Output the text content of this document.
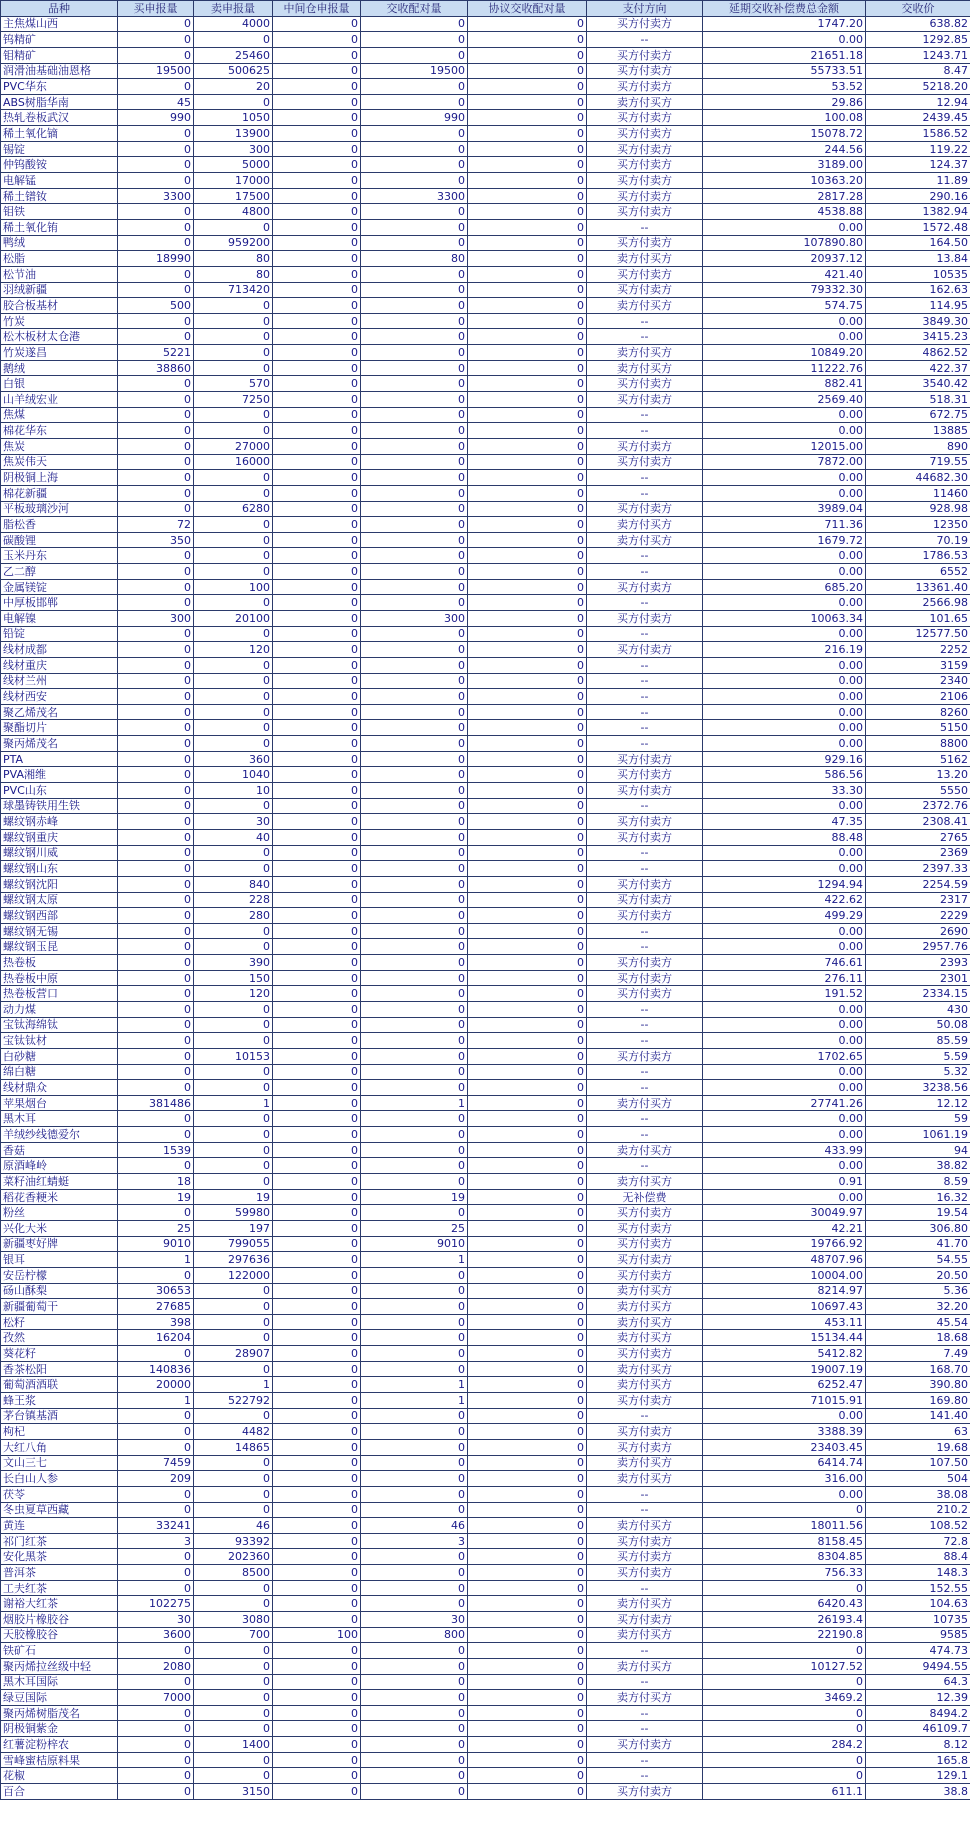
品种	买申报量	卖申报量	中间仓申报量	交收配对量	协议交收配对量	支付方向	延期交收补偿费总金额	交收价
主焦煤山西	0	4000	0	0	0	买方付卖方	1747.20	638.82
钨精矿	0	0	0	0	0	--	0.00	1292.85
钼精矿	0	25460	0	0	0	买方付卖方	21651.18	1243.71
润滑油基础油恩格	19500	500625	0	19500	0	买方付卖方	55733.51	8.47
PVC华东	0	20	0	0	0	买方付卖方	53.52	5218.20
ABS树脂华南	45	0	0	0	0	卖方付买方	29.86	12.94
热轧卷板武汉	990	1050	0	990	0	买方付卖方	100.08	2439.45
稀土氧化镝	0	13900	0	0	0	买方付卖方	15078.72	1586.52
锡锭	0	300	0	0	0	买方付卖方	244.56	119.22
仲钨酸铵	0	5000	0	0	0	买方付卖方	3189.00	124.37
电解锰	0	17000	0	0	0	买方付卖方	10363.20	11.89
稀土镨钕	3300	17500	0	3300	0	买方付卖方	2817.28	290.16
钼铁	0	4800	0	0	0	买方付卖方	4538.88	1382.94
稀土氧化铕	0	0	0	0	0	--	0.00	1572.48
鸭绒	0	959200	0	0	0	买方付卖方	107890.80	164.50
松脂	18990	80	0	80	0	卖方付买方	20937.12	13.84
松节油	0	80	0	0	0	买方付卖方	421.40	10535
羽绒新疆	0	713420	0	0	0	买方付卖方	79332.30	162.63
胶合板基材	500	0	0	0	0	卖方付买方	574.75	114.95
竹炭	0	0	0	0	0	--	0.00	3849.30
松木板材太仓港	0	0	0	0	0	--	0.00	3415.23
竹炭遂昌	5221	0	0	0	0	卖方付买方	10849.20	4862.52
鹅绒	38860	0	0	0	0	卖方付买方	11222.76	422.37
白银	0	570	0	0	0	买方付卖方	882.41	3540.42
山羊绒宏业	0	7250	0	0	0	买方付卖方	2569.40	518.31
焦煤	0	0	0	0	0	--	0.00	672.75
棉花华东	0	0	0	0	0	--	0.00	13885
焦炭	0	27000	0	0	0	买方付卖方	12015.00	890
焦炭伟天	0	16000	0	0	0	买方付卖方	7872.00	719.55
阴极铜上海	0	0	0	0	0	--	0.00	44682.30
棉花新疆	0	0	0	0	0	--	0.00	11460
平板玻璃沙河	0	6280	0	0	0	买方付卖方	3989.04	928.98
脂松香	72	0	0	0	0	卖方付买方	711.36	12350
碳酸锂	350	0	0	0	0	卖方付买方	1679.72	70.19
玉米丹东	0	0	0	0	0	--	0.00	1786.53
乙二醇	0	0	0	0	0	--	0.00	6552
金属镁锭	0	100	0	0	0	买方付卖方	685.20	13361.40
中厚板邯郸	0	0	0	0	0	--	0.00	2566.98
电解镍	300	20100	0	300	0	买方付卖方	10063.34	101.65
铅锭	0	0	0	0	0	--	0.00	12577.50
线材成都	0	120	0	0	0	买方付卖方	216.19	2252
线材重庆	0	0	0	0	0	--	0.00	3159
线材兰州	0	0	0	0	0	--	0.00	2340
线材西安	0	0	0	0	0	--	0.00	2106
聚乙烯茂名	0	0	0	0	0	--	0.00	8260
聚酯切片	0	0	0	0	0	--	0.00	5150
聚丙烯茂名	0	0	0	0	0	--	0.00	8800
PTA	0	360	0	0	0	买方付卖方	929.16	5162
PVA湘维	0	1040	0	0	0	买方付卖方	586.56	13.20
PVC山东	0	10	0	0	0	买方付卖方	33.30	5550
球墨铸铁用生铁	0	0	0	0	0	--	0.00	2372.76
螺纹钢赤峰	0	30	0	0	0	买方付卖方	47.35	2308.41
螺纹钢重庆	0	40	0	0	0	买方付卖方	88.48	2765
螺纹钢川威	0	0	0	0	0	--	0.00	2369
螺纹钢山东	0	0	0	0	0	--	0.00	2397.33
螺纹钢沈阳	0	840	0	0	0	买方付卖方	1294.94	2254.59
螺纹钢太原	0	228	0	0	0	买方付卖方	422.62	2317
螺纹钢西部	0	280	0	0	0	买方付卖方	499.29	2229
螺纹钢无锡	0	0	0	0	0	--	0.00	2690
螺纹钢玉昆	0	0	0	0	0	--	0.00	2957.76
热卷板	0	390	0	0	0	买方付卖方	746.61	2393
热卷板中原	0	150	0	0	0	买方付卖方	276.11	2301
热卷板营口	0	120	0	0	0	买方付卖方	191.52	2334.15
动力煤	0	0	0	0	0	--	0.00	430
宝钛海绵钛	0	0	0	0	0	--	0.00	50.08
宝钛钛材	0	0	0	0	0	--	0.00	85.59
白砂糖	0	10153	0	0	0	买方付卖方	1702.65	5.59
绵白糖	0	0	0	0	0	--	0.00	5.32
线材鼎众	0	0	0	0	0	--	0.00	3238.56
苹果烟台	381486	1	0	1	0	卖方付买方	27741.26	12.12
黑木耳	0	0	0	0	0	--	0.00	59
羊绒纱线德爱尔	0	0	0	0	0	--	0.00	1061.19
香菇	1539	0	0	0	0	卖方付买方	433.99	94
原酒峰岭	0	0	0	0	0	--	0.00	38.82
菜籽油红蜻蜓	18	0	0	0	0	卖方付买方	0.91	8.59
稻花香粳米	19	19	0	19	0	无补偿费	0.00	16.32
粉丝	0	59980	0	0	0	买方付卖方	30049.97	19.54
兴化大米	25	197	0	25	0	买方付卖方	42.21	306.80
新疆枣好牌	9010	799055	0	9010	0	买方付卖方	19766.92	41.70
银耳	1	297636	0	1	0	买方付卖方	48707.96	54.55
安岳柠檬	0	122000	0	0	0	买方付卖方	10004.00	20.50
砀山酥梨	30653	0	0	0	0	卖方付买方	8214.97	5.36
新疆葡萄干	27685	0	0	0	0	卖方付买方	10697.43	32.20
松籽	398	0	0	0	0	卖方付买方	453.11	45.54
孜然	16204	0	0	0	0	卖方付买方	15134.44	18.68
葵花籽	0	28907	0	0	0	买方付卖方	5412.82	7.49
香茶松阳	140836	0	0	0	0	卖方付买方	19007.19	168.70
葡萄酒酒联	20000	1	0	1	0	卖方付买方	6252.47	390.80
蜂王浆	1	522792	0	1	0	买方付卖方	71015.91	169.80
茅台镇基酒	0	0	0	0	0	--	0.00	141.40
枸杞	0	4482	0	0	0	买方付卖方	3388.39	63
大红八角	0	14865	0	0	0	买方付卖方	23403.45	19.68
文山三七	7459	0	0	0	0	卖方付买方	6414.74	107.50
长白山人参	209	0	0	0	0	卖方付买方	316.00	504
茯苓	0	0	0	0	0	--	0.00	38.08
冬虫夏草西藏	0	0	0	0	0	--	0	210.2
黄连	33241	46	0	46	0	卖方付买方	18011.56	108.52
祁门红茶	3	93392	0	3	0	买方付卖方	8158.45	72.8
安化黑茶	0	202360	0	0	0	买方付卖方	8304.85	88.4
普洱茶	0	8500	0	0	0	买方付卖方	756.33	148.3
工夫红茶	0	0	0	0	0	--	0	152.55
谢裕大红茶	102275	0	0	0	0	卖方付买方	6420.43	104.63
烟胶片橡胶谷	30	3080	0	30	0	买方付卖方	26193.4	10735
天胶橡胶谷	3600	700	100	800	0	卖方付买方	22190.8	9585
铁矿石	0	0	0	0	0	--	0	474.73
聚丙烯拉丝级中轻	2080	0	0	0	0	卖方付买方	10127.52	9494.55
黑木耳国际	0	0	0	0	0	--	0	64.3
绿豆国际	7000	0	0	0	0	卖方付买方	3469.2	12.39
聚丙烯树脂茂名	0	0	0	0	0	--	0	8494.2
阴极铜紫金	0	0	0	0	0	--	0	46109.7
红薯淀粉梓农	0	1400	0	0	0	买方付卖方	284.2	8.12
雪峰蜜桔原料果	0	0	0	0	0	--	0	165.8
花椒	0	0	0	0	0	--	0	129.1
百合	0	3150	0	0	0	买方付卖方	611.1	38.8
